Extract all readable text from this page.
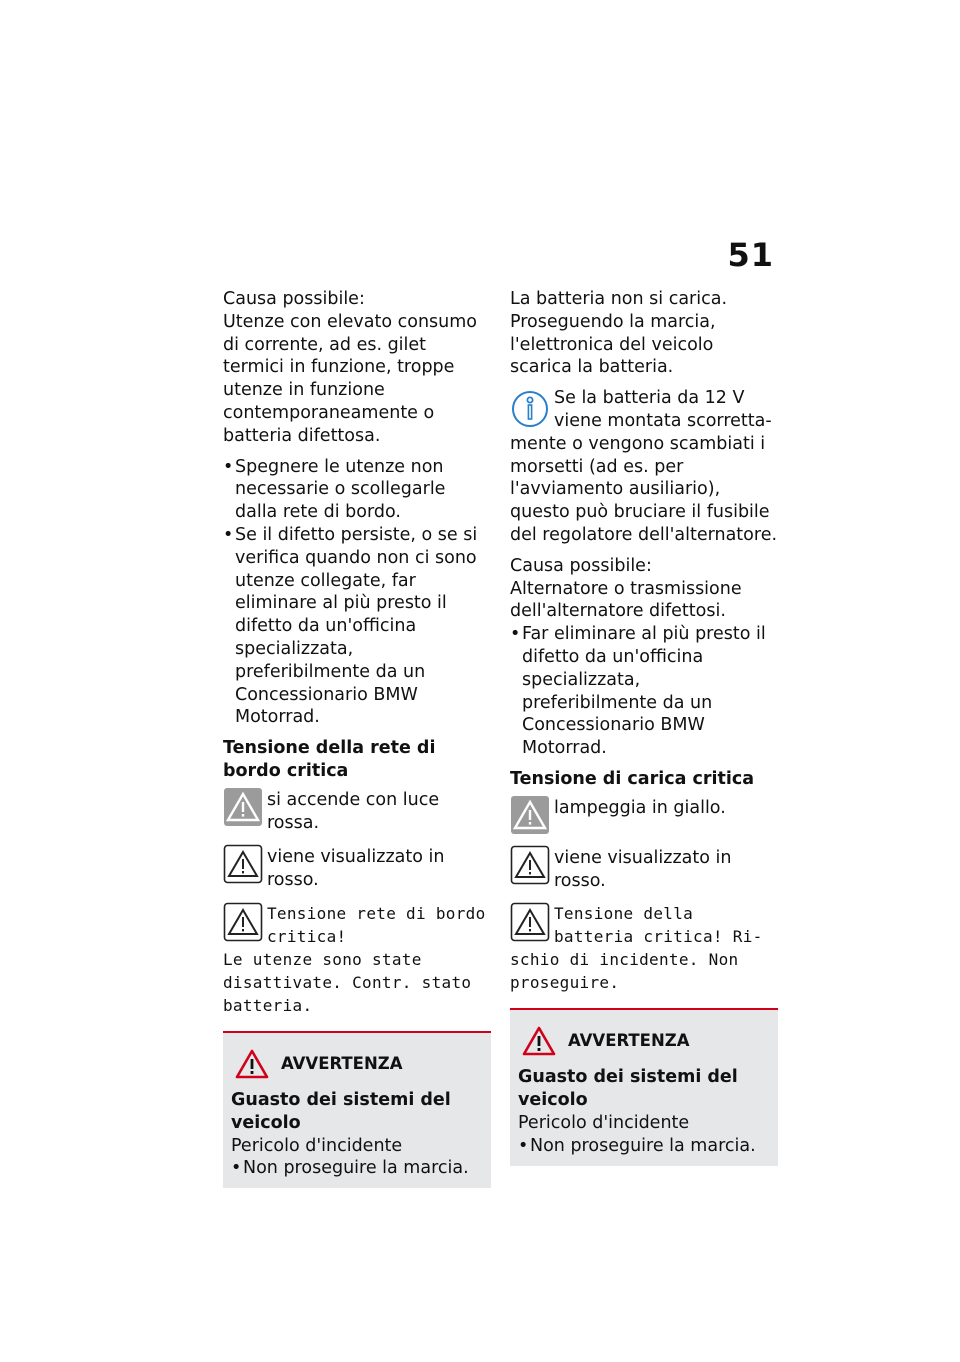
51

Causa possibile:

Utenze con elevato consumo di corrente, ad es. gilet termici in funzione, troppe utenze in funzione contemporaneamente o batteria difettosa.

• Spegnere le utenze non necessarie o scollegarle dalla rete di bordo.
• Se il difetto persiste, o se si verifica quando non ci sono utenze collegate, far eliminare al più presto il difetto da un'officina specializzata, preferibilmente da un Concessionario BMW Motorrad.

Tensione della rete di bordo critica

si accende con luce rossa.
viene visualizzato in rosso.
Tensione rete di bordo critica!
Le utenze sono state disattivate. Contr. stato batteria.
AVVERTENZA

Guasto dei sistemi del veicolo

Pericolo d'incidente

• Non proseguire la marcia.

La batteria non si carica. Proseguendo la marcia, l'elettronica del veicolo scarica la batteria.

Se la batteria da 12 V viene montata scorretta-

mente o vengono scambiati i morsetti (ad es. per l'avviamento ausiliario), questo può bruciare il fusibile del regolatore dell'alternatore.

Causa possibile:

Alternatore o trasmissione dell'alternatore difettosi.

• Far eliminare al più presto il difetto da un'officina specializzata, preferibilmente da un Concessionario BMW Motorrad.

Tensione di carica critica

lampeggia in giallo.
viene visualizzato in rosso.
Tensione della batteria critica! Ri-
schio di incidente. Non proseguire.
AVVERTENZA

Guasto dei sistemi del veicolo

Pericolo d'incidente

• Non proseguire la marcia.
